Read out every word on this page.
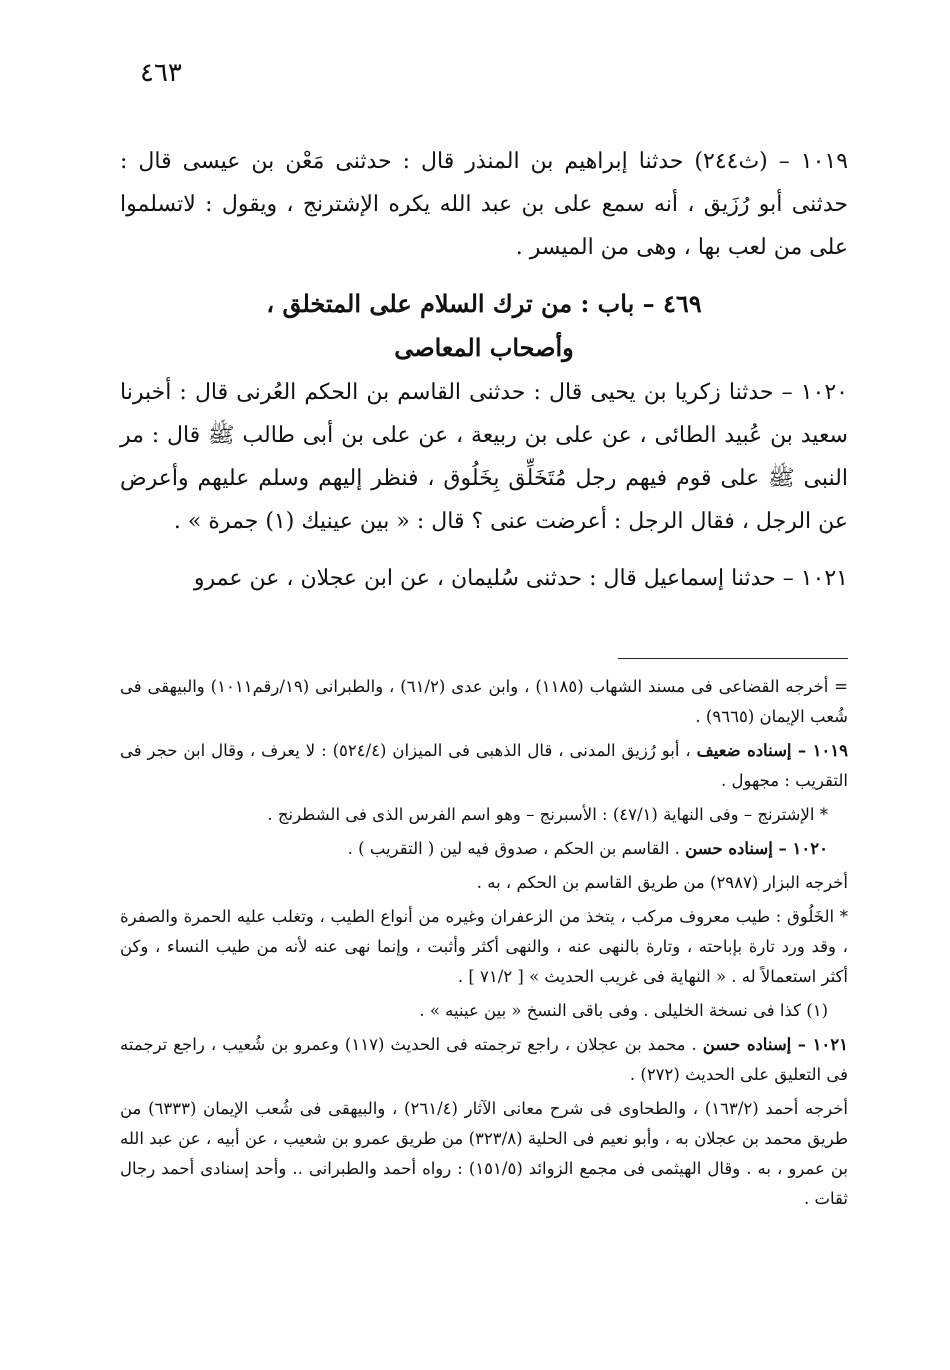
٤٦٣

١٠١٩ – (ث٢٤٤) حدثنا إبراهيم بن المنذر قال : حدثنى مَعْن بن عيسى قال : حدثنى أبو رُزَيق ، أنه سمع على بن عبد الله يكره الإشترنج ، ويقول : لاتسلموا على من لعب بها ، وهى من الميسر .

٤٦٩ – باب : من ترك السلام على المتخلق ،

وأصحاب المعاصى

١٠٢٠ – حدثنا زكريا بن يحيى قال : حدثنى القاسم بن الحكم العُرنى قال : أخبرنا سعيد بن عُبيد الطائى ، عن على بن ربيعة ، عن على بن أبى طالب ﷺ قال : مر النبى ﷺ على قوم فيهم رجل مُتَخَلِّق بِخَلُوق ، فنظر إليهم وسلم عليهم وأعرض عن الرجل ، فقال الرجل : أعرضت عنى ؟ قال : « بين عينيك (١) جمرة » .

١٠٢١ – حدثنا إسماعيل قال : حدثنى سُليمان ، عن ابن عجلان ، عن عمرو

= أخرجه القضاعى فى مسند الشهاب (١١٨٥) ، وابن عدى (٦١/٢) ، والطبرانى (١٩/رقم١٠١١) والبيهقى فى شُعب الإيمان (٩٦٦٥) .

١٠١٩ – إسناده ضعيف ، أبو رُزيق المدنى ، قال الذهبى فى الميزان (٥٢٤/٤) : لا يعرف ، وقال ابن حجر فى التقريب : مجهول .

* الإشترنج – وفى النهاية (٤٧/١) : الأسبرنج – وهو اسم الفرس الذى فى الشطرنج .

١٠٢٠ – إسناده حسن . القاسم بن الحكم ، صدوق فيه لين ( التقريب ) .

أخرجه البزار (٢٩٨٧) من طريق القاسم بن الحكم ، به .

* الخَلُوق : طيب معروف مركب ، يتخذ من الزعفران وغيره من أنواع الطيب ، وتغلب عليه الحمرة والصفرة ، وقد ورد تارة بإباحته ، وتارة بالنهى عنه ، والنهى أكثر وأثبت ، وإنما نهى عنه لأنه من طيب النساء ، وكن أكثر استعمالاً له . « النهاية فى غريب الحديث » [ ٧١/٢ ] .

(١) كذا فى نسخة الخليلى . وفى باقى النسخ « بين عينيه » .

١٠٢١ – إسناده حسن . محمد بن عجلان ، راجع ترجمته فى الحديث (١١٧) وعمرو بن شُعيب ، راجع ترجمته فى التعليق على الحديث (٢٧٢) .

أخرجه أحمد (١٦٣/٢) ، والطحاوى فى شرح معانى الآثار (٢٦١/٤) ، والبيهقى فى شُعب الإيمان (٦٣٣٣) من طريق محمد بن عجلان به ، وأبو نعيم فى الحلية (٣٢٣/٨) من طريق عمرو بن شعيب ، عن أبيه ، عن عبد الله بن عمرو ، به . وقال الهيثمى فى مجمع الزوائد (١٥١/٥) : رواه أحمد والطبرانى .. وأحد إسنادى أحمد رجال ثقات .
